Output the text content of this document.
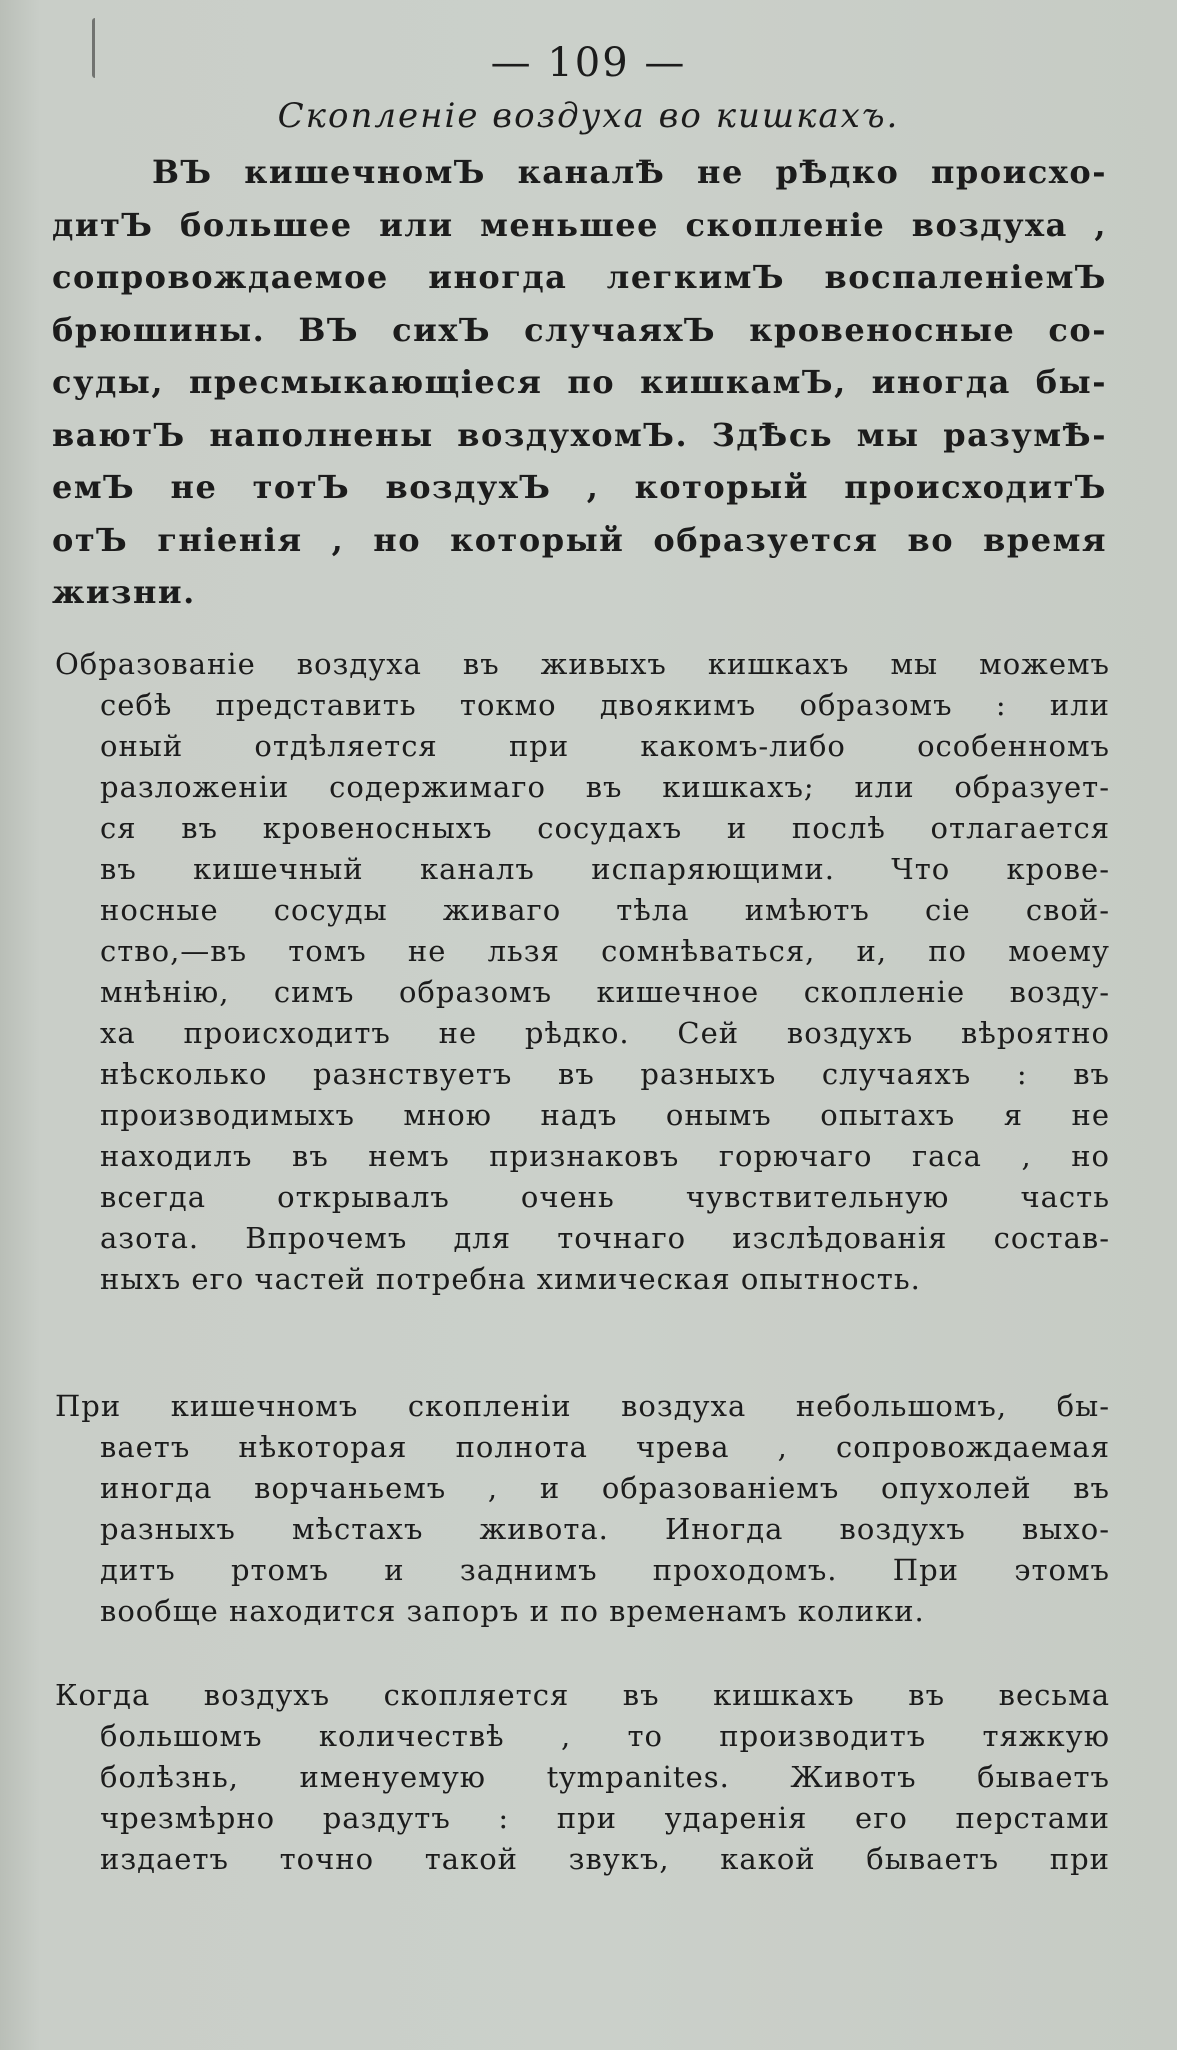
— 109 —
Скопленіе воздуха во кишкахъ.
ВЪ кишечномЪ каналѢ не рѢдко происхо-
дитЪ большее или меньшее скопленіе воздуха ,
сопровождаемое иногда легкимЪ воспаленіемЪ
брюшины. ВЪ сихЪ случаяхЪ кровеносные со-
суды, пресмыкающіеся по кишкамЪ, иногда бы-
ваютЪ наполнены воздухомЪ. ЗдѢсь мы разумѢ-
емЪ не тотЪ воздухЪ , который происходитЪ
отЪ гніенія , но который образуется во время
жизни.
Образованіе воздуха въ живыхъ кишкахъ мы можемъ
себѣ представить токмо двоякимъ образомъ : или
оный отдѣляется при какомъ-либо особенномъ
разложеніи содержимаго въ кишкахъ; или образует-
ся въ кровеносныхъ сосудахъ и послѣ отлагается
въ кишечный каналъ испаряющими. Что крове-
носные сосуды живаго тѣла имѣютъ сіе свой-
ство,—въ томъ не льзя сомнѣваться, и, по моему
мнѣнію, симъ образомъ кишечное скопленіе возду-
ха происходитъ не рѣдко. Сей воздухъ вѣроятно
нѣсколько разнствуетъ въ разныхъ случаяхъ : въ
производимыхъ мною надъ онымъ опытахъ я не
находилъ въ немъ признаковъ горючаго гаса , но
всегда открывалъ очень чувствительную часть
азота. Впрочемъ для точнаго изслѣдованія состав-
ныхъ его частей потребна химическая опытность.
При кишечномъ скопленіи воздуха небольшомъ, бы-
ваетъ нѣкоторая полнота чрева , сопровождаемая
иногда ворчаньемъ , и образованіемъ опухолей въ
разныхъ мѣстахъ живота. Иногда воздухъ выхо-
дитъ ртомъ и заднимъ проходомъ. При этомъ
вообще находится запоръ и по временамъ колики.
Когда воздухъ скопляется въ кишкахъ въ весьма
большомъ количествѣ , то производитъ тяжкую
болѣзнь, именуемую tympanites. Животъ бываетъ
чрезмѣрно раздутъ : при ударенія его перстами
издаетъ точно такой звукъ, какой бываетъ при
